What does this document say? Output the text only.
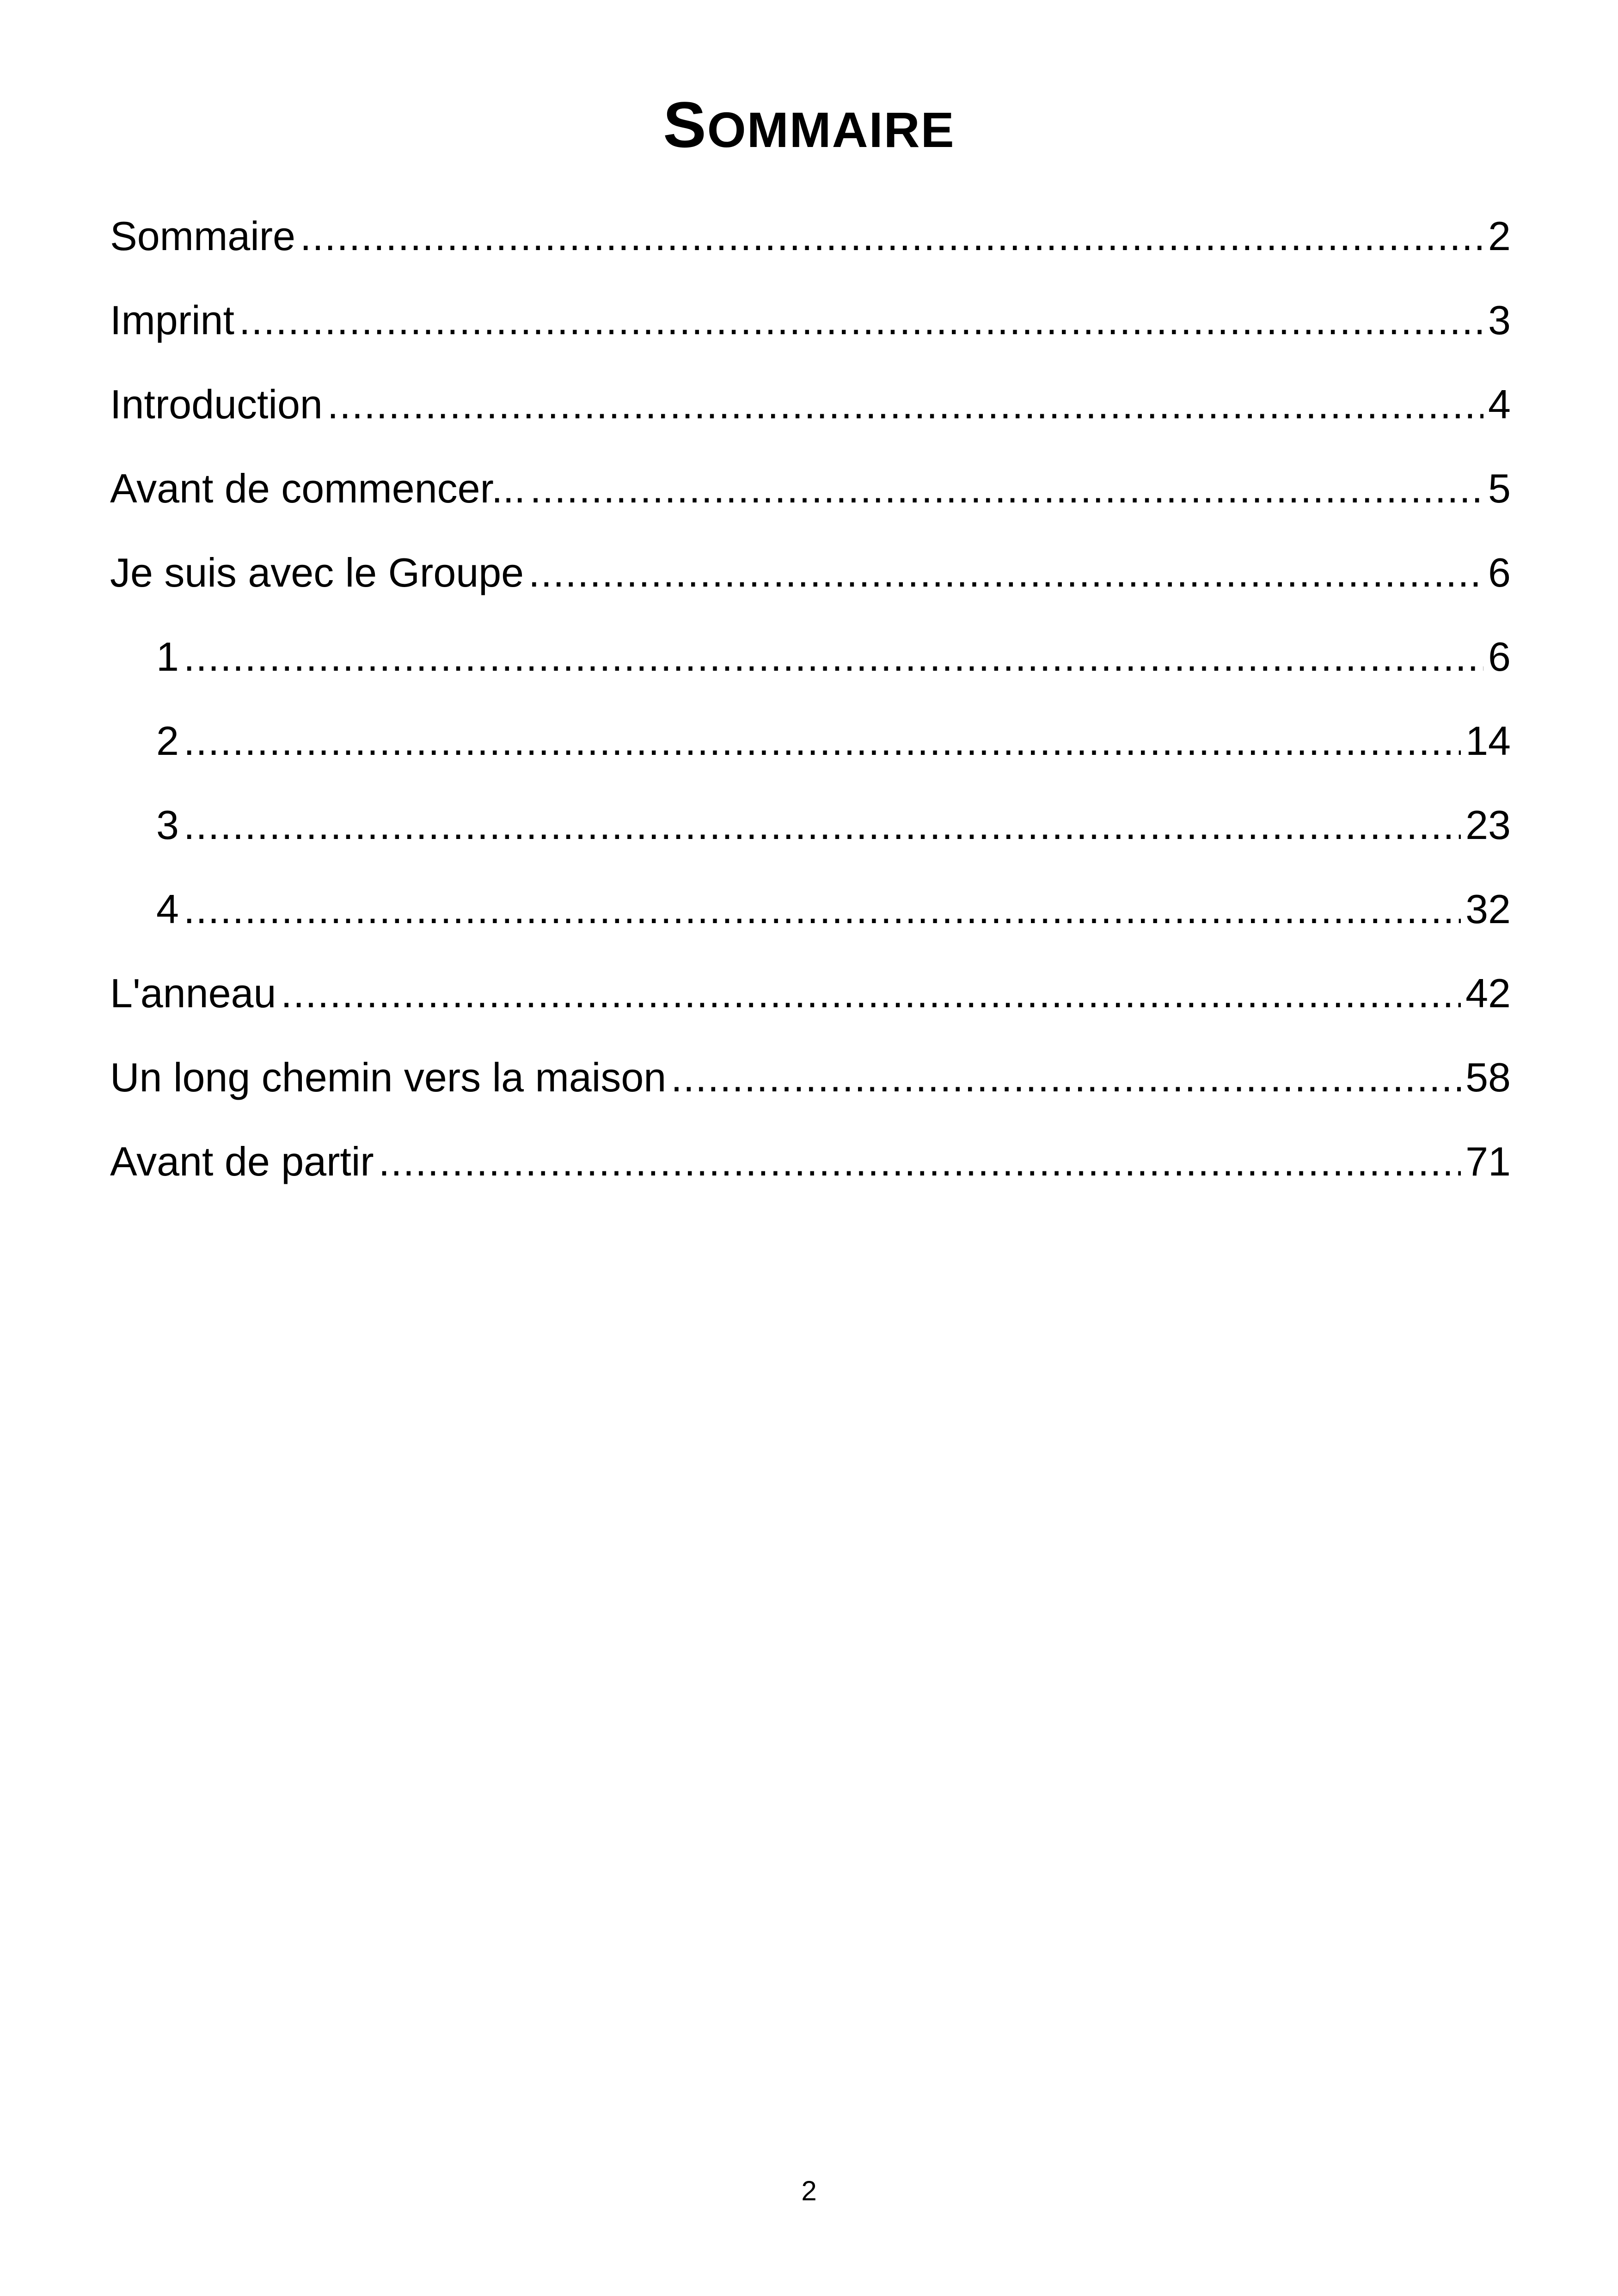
SOMMAIRE
Sommaire .....	2
Imprint .....	3
Introduction .....	4
Avant de commencer... .....	5
Je suis avec le Groupe .....	6
1 .....	6
2 .....	14
3 .....	23
4 .....	32
L'anneau .....	42
Un long chemin vers la maison .....	58
Avant de partir .....	71
2
